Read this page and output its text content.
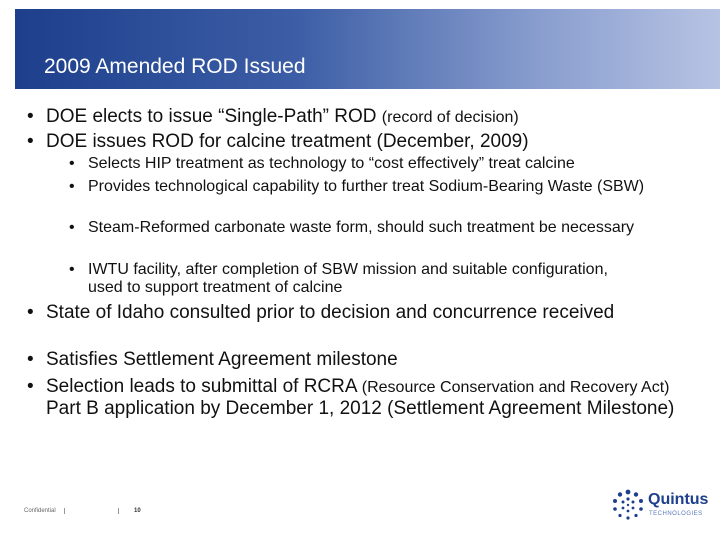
2009 Amended ROD Issued
• DOE elects to issue “Single-Path” ROD (record of decision)
• DOE issues ROD for calcine treatment (December, 2009)
• Selects HIP treatment as technology to “cost effectively” treat calcine
• Provides technological capability to further treat Sodium-Bearing Waste (SBW)
• Steam-Reformed carbonate waste form, should such treatment be necessary
• IWTU facility, after completion of SBW mission and suitable configuration, used to support treatment of calcine
• State of Idaho consulted prior to decision and concurrence received
• Satisfies Settlement Agreement milestone
• Selection leads to submittal of RCRA (Resource Conservation and Recovery Act) Part B application by December 1, 2012 (Settlement Agreement Milestone)
Confidential	10
Quintus
TECHNOLOGIES
